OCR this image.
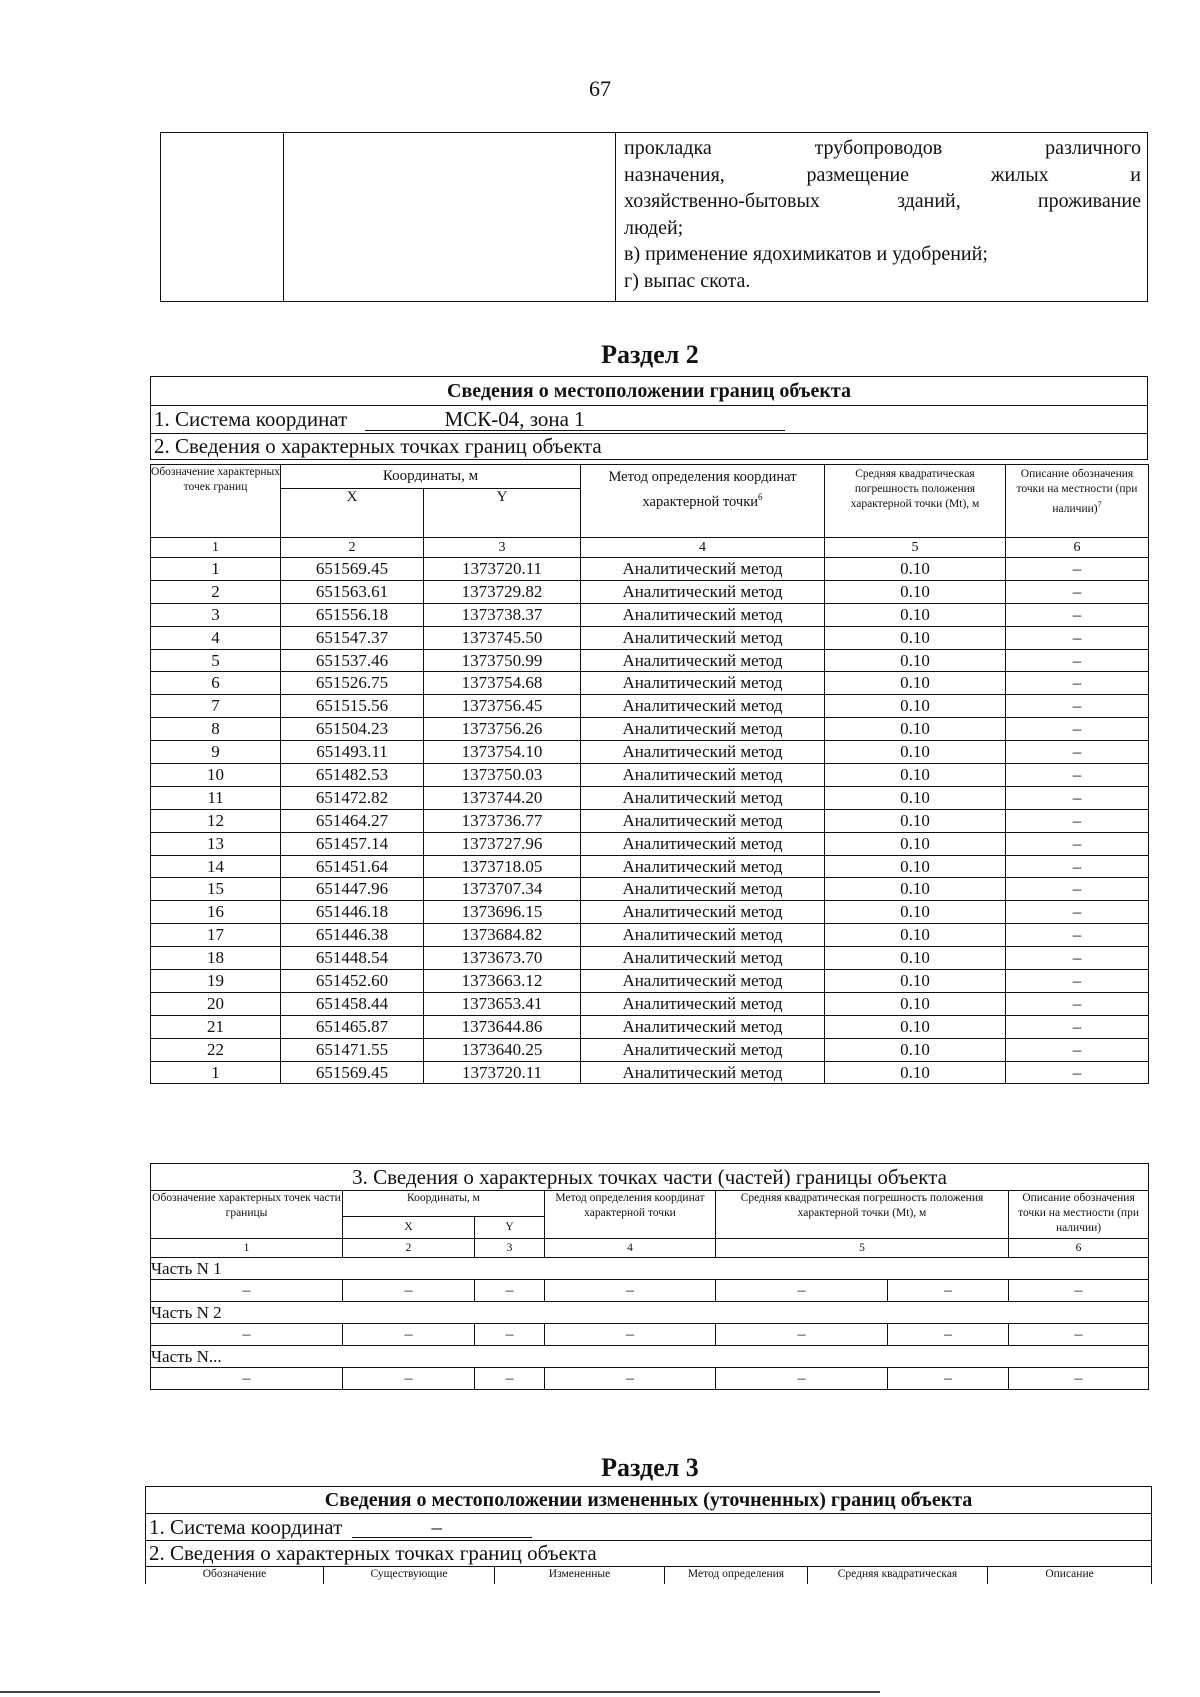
67

прокладка трубопроводов различного
назначения, размещение жилых и
хозяйственно-бытовых зданий, проживание
людей;
в) применение ядохимикатов и удобрений;
г) выпас скота.
Раздел 2
Сведения о местоположении границ объекта
1. Система координат	МСК-04, зона 1
2. Сведения о характерных точках границ объекта
Обозначение характерных точек границ	Координаты, м		Метод определения координат характерной точки$^6$	Средняя квадратическая погрешность положения характерной точки (Mt), м	Описание обозначения точки на местности (при наличии)$^7$
	X	Y			
1	2	3	4	5	6
1	651569.45	1373720.11	Аналитический метод	0.10	–
2	651563.61	1373729.82	Аналитический метод	0.10	–
3	651556.18	1373738.37	Аналитический метод	0.10	–
4	651547.37	1373745.50	Аналитический метод	0.10	–
5	651537.46	1373750.99	Аналитический метод	0.10	–
6	651526.75	1373754.68	Аналитический метод	0.10	–
7	651515.56	1373756.45	Аналитический метод	0.10	–
8	651504.23	1373756.26	Аналитический метод	0.10	–
9	651493.11	1373754.10	Аналитический метод	0.10	–
10	651482.53	1373750.03	Аналитический метод	0.10	–
11	651472.82	1373744.20	Аналитический метод	0.10	–
12	651464.27	1373736.77	Аналитический метод	0.10	–
13	651457.14	1373727.96	Аналитический метод	0.10	–
14	651451.64	1373718.05	Аналитический метод	0.10	–
15	651447.96	1373707.34	Аналитический метод	0.10	–
16	651446.18	1373696.15	Аналитический метод	0.10	–
17	651446.38	1373684.82	Аналитический метод	0.10	–
18	651448.54	1373673.70	Аналитический метод	0.10	–
19	651452.60	1373663.12	Аналитический метод	0.10	–
20	651458.44	1373653.41	Аналитический метод	0.10	–
21	651465.87	1373644.86	Аналитический метод	0.10	–
22	651471.55	1373640.25	Аналитический метод	0.10	–
1	651569.45	1373720.11	Аналитический метод	0.10	–
3. Сведения о характерных точках части (частей) границы объекта						
Обозначение характерных точек части границы	Координаты, м		Метод определения координат характерной точки	Средняя квадратическая погрешность положения характерной точки (Mt), м		Описание обозначения точки на местности (при наличии)
	X	Y				
1	2	3	4	5		6
Часть N 1						
–	–	–	–	–	–	–
Часть N 2						
–	–	–	–	–	–	–
Часть N...						
–	–	–	–	–	–	–
Раздел 3
Сведения о местоположении измененных (уточненных) границ объекта
1. Система координат	–
2. Сведения о характерных точках границ объекта
Обозначение	Существующие	Измененные	Метод определения	Средняя квадратическая	Описание
